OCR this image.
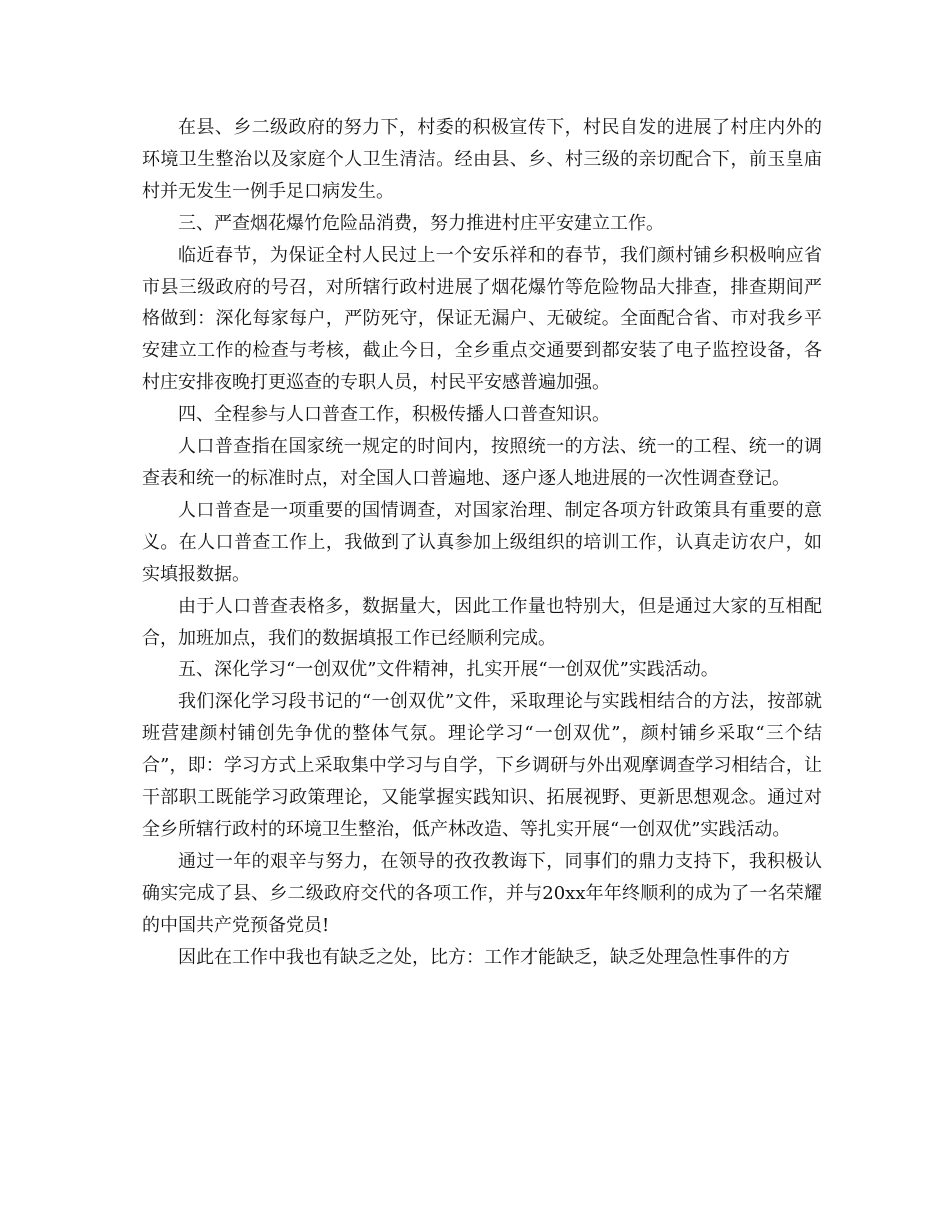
在县、乡二级政府的努力下，村委的积极宣传下，村民自发的进展了村庄内外的环境卫生整治以及家庭个人卫生清洁。经由县、乡、村三级的亲切配合下，前玉皇庙村并无发生一例手足口病发生。

三、严查烟花爆竹危险品消费，努力推进村庄平安建立工作。

临近春节，为保证全村人民过上一个安乐祥和的春节，我们颜村铺乡积极响应省市县三级政府的号召，对所辖行政村进展了烟花爆竹等危险物品大排查，排查期间严格做到：深化每家每户，严防死守，保证无漏户、无破绽。全面配合省、市对我乡平安建立工作的检查与考核，截止今日，全乡重点交通要到都安装了电子监控设备，各村庄安排夜晚打更巡查的专职人员，村民平安感普遍加强。

四、全程参与人口普查工作，积极传播人口普查知识。

人口普查指在国家统一规定的时间内，按照统一的方法、统一的工程、统一的调查表和统一的标准时点，对全国人口普遍地、逐户逐人地进展的一次性调查登记。

人口普查是一项重要的国情调查，对国家治理、制定各项方针政策具有重要的意义。在人口普查工作上，我做到了认真参加上级组织的培训工作，认真走访农户，如实填报数据。

由于人口普查表格多，数据量大，因此工作量也特别大，但是通过大家的互相配合，加班加点，我们的数据填报工作已经顺利完成。

五、深化学习“一创双优”文件精神，扎实开展“一创双优”实践活动。

我们深化学习段书记的“一创双优”文件，采取理论与实践相结合的方法，按部就班营建颜村铺创先争优的整体气氛。理论学习“一创双优”，颜村铺乡采取“三个结合”，即：学习方式上采取集中学习与自学，下乡调研与外出观摩调查学习相结合，让干部职工既能学习政策理论，又能掌握实践知识、拓展视野、更新思想观念。通过对全乡所辖行政村的环境卫生整治，低产林改造、等扎实开展“一创双优”实践活动。

通过一年的艰辛与努力，在领导的孜孜教诲下，同事们的鼎力支持下，我积极认确实完成了县、乡二级政府交代的各项工作，并与20xx年年终顺利的成为了一名荣耀的中国共产党预备党员!

因此在工作中我也有缺乏之处，比方：工作才能缺乏，缺乏处理急性事件的方
